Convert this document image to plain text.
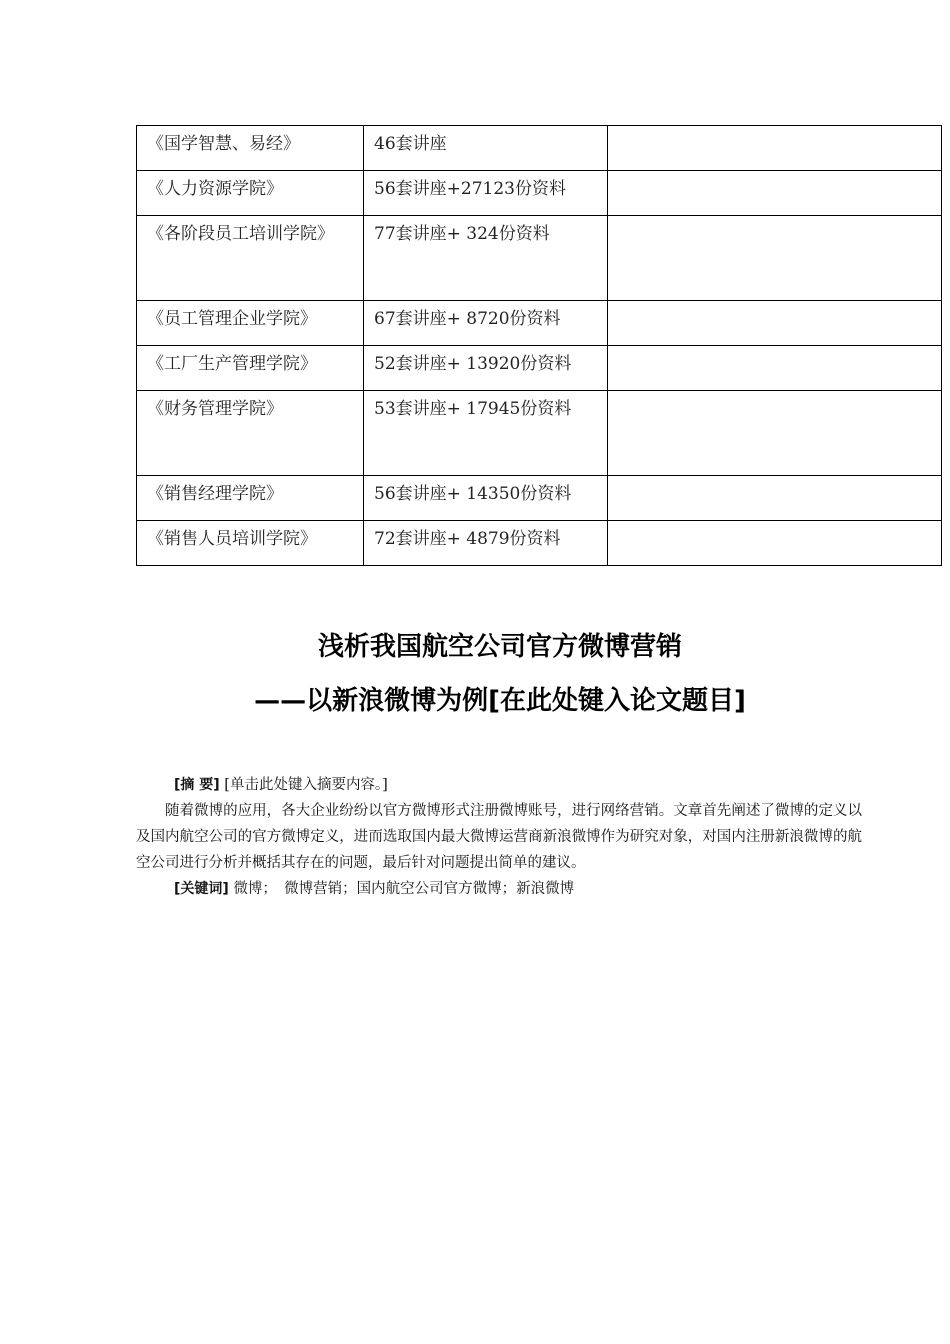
《国学智慧、易经》	46套讲座	

《人力资源学院》	56套讲座+27123份资料	

《各阶段员工培训学院》	77套讲座+ 324份资料	

《员工管理企业学院》	67套讲座+ 8720份资料	

《工厂生产管理学院》	52套讲座+ 13920份资料	

《财务管理学院》	53套讲座+ 17945份资料	

《销售经理学院》	56套讲座+ 14350份资料	

《销售人员培训学院》	72套讲座+ 4879份资料	

浅析我国航空公司官方微博营销
——以新浪微博为例[在此处键入论文题目]

[摘 要] [单击此处键入摘要内容。]

随着微博的应用，各大企业纷纷以官方微博形式注册微博账号，进行网络营销。文章首先阐述了微博的定义以及国内航空公司的官方微博定义，进而选取国内最大微博运营商新浪微博作为研究对象，对国内注册新浪微博的航空公司进行分析并概括其存在的问题，最后针对问题提出简单的建议。

[关键词] 微博；　微博营销；国内航空公司官方微博；新浪微博
